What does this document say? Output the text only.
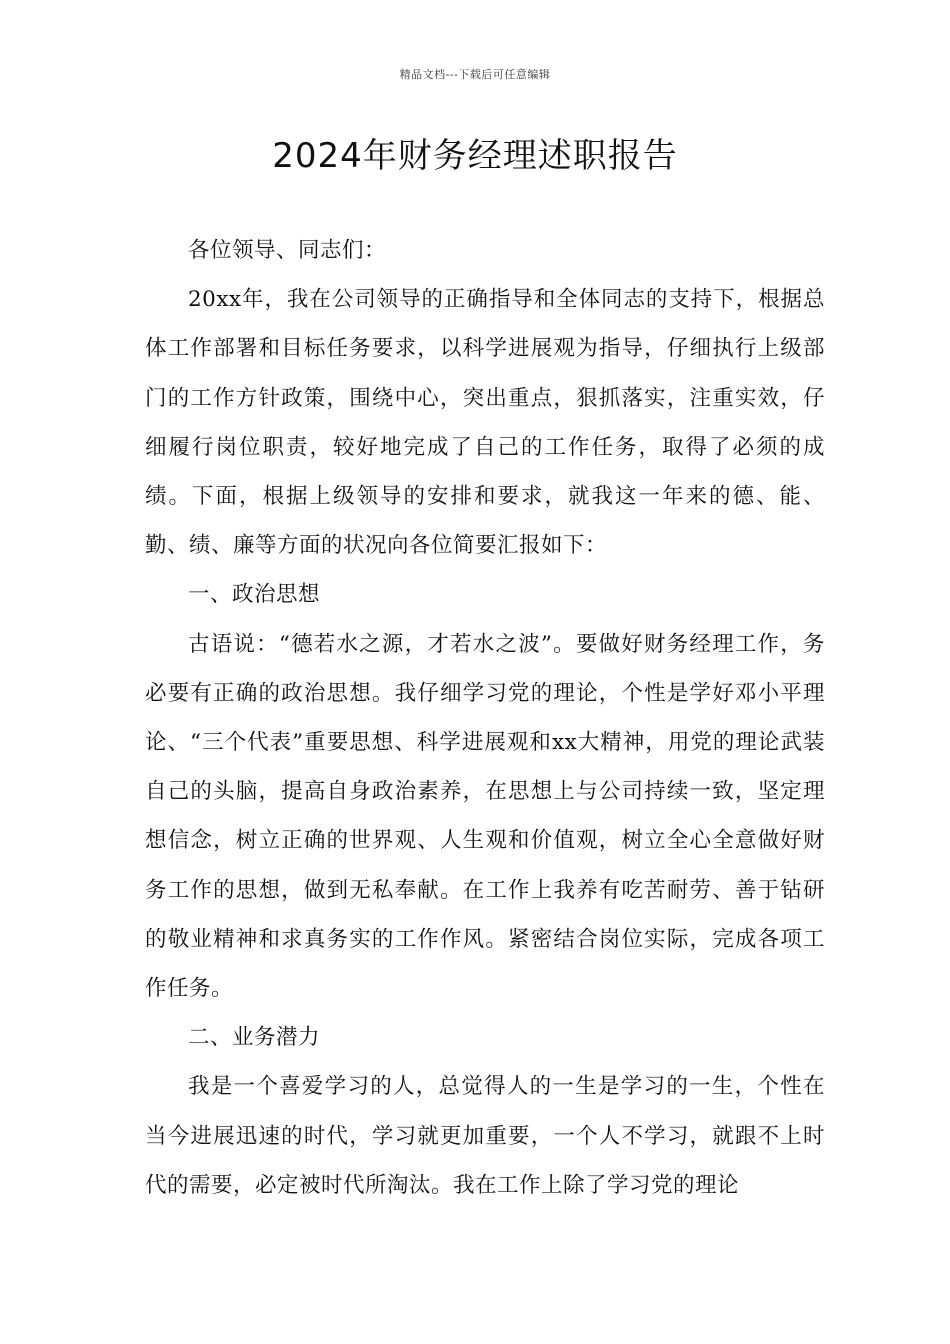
精品文档---下载后可任意编辑
2024年财务经理述职报告

各位领导、同志们：

20xx年，我在公司领导的正确指导和全体同志的支持下，根据总体工作部署和目标任务要求，以科学进展观为指导，仔细执行上级部门的工作方针政策，围绕中心，突出重点，狠抓落实，注重实效，仔细履行岗位职责，较好地完成了自己的工作任务，取得了必须的成绩。下面，根据上级领导的安排和要求，就我这一年来的德、能、勤、绩、廉等方面的状况向各位简要汇报如下：

一、政治思想

古语说：“德若水之源，才若水之波”。要做好财务经理工作，务必要有正确的政治思想。我仔细学习党的理论，个性是学好邓小平理论、“三个代表”重要思想、科学进展观和xx大精神，用党的理论武装自己的头脑，提高自身政治素养，在思想上与公司持续一致，坚定理想信念，树立正确的世界观、人生观和价值观，树立全心全意做好财务工作的思想，做到无私奉献。在工作上我养有吃苦耐劳、善于钻研的敬业精神和求真务实的工作作风。紧密结合岗位实际，完成各项工作任务。

二、业务潜力

我是一个喜爱学习的人，总觉得人的一生是学习的一生，个性在当今进展迅速的时代，学习就更加重要，一个人不学习，就跟不上时代的需要，必定被时代所淘汰。我在工作上除了学习党的理论
